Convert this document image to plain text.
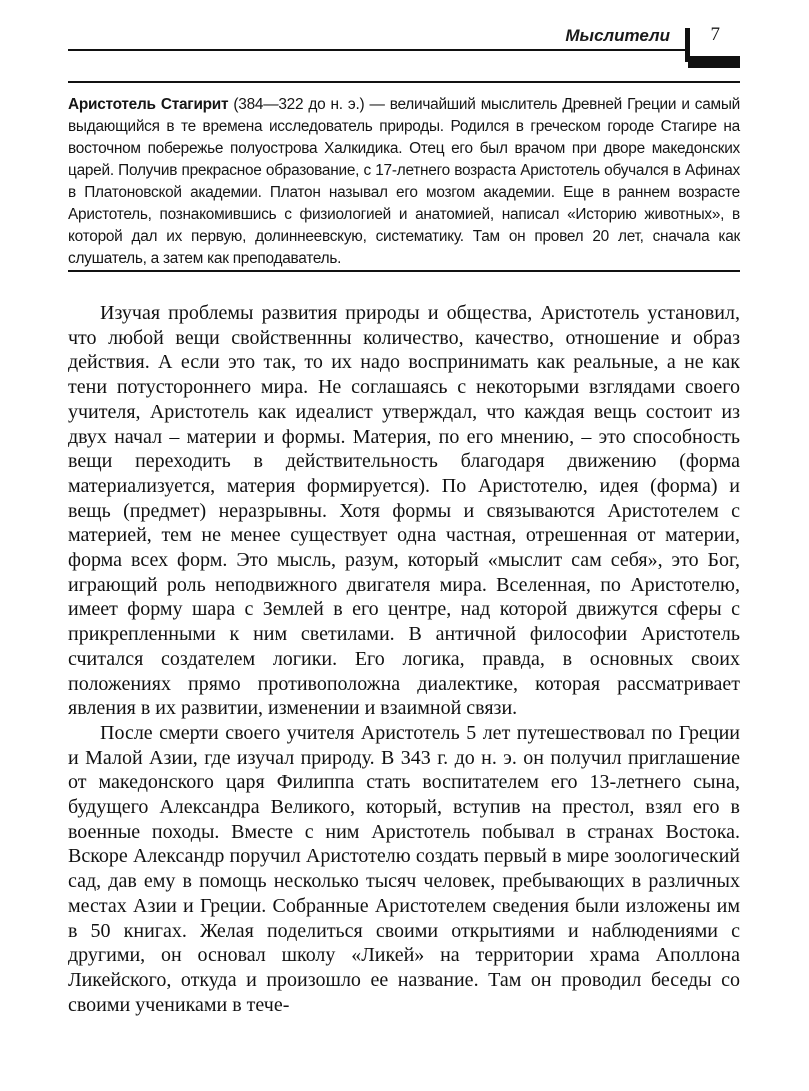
Мыслители 7
Аристотель Стагирит (384—322 до н. э.) — величайший мыслитель Древней Греции и самый выдающийся в те времена исследователь природы. Родился в греческом городе Стагире на восточном побережье полуострова Халкидика. Отец его был врачом при дворе македонских царей. Получив прекрасное образование, с 17-летнего возраста Аристотель обучался в Афинах в Платоновской академии. Платон называл его мозгом академии. Еще в раннем возрасте Аристотель, познакомившись с физиологией и анатомией, написал «Историю животных», в которой дал их первую, долиннеевскую, систематику. Там он провел 20 лет, сначала как слушатель, а затем как преподаватель.

Изучая проблемы развития природы и общества, Аристотель установил, что любой вещи свойственнны количество, качество, отношение и образ действия. А если это так, то их надо воспринимать как реальные, а не как тени потустороннего мира. Не соглашаясь с некоторыми взглядами своего учителя, Аристотель как идеалист утверждал, что каждая вещь состоит из двух начал – материи и формы. Материя, по его мнению, – это способность вещи переходить в действительность благодаря движению (форма материализуется, материя формируется). По Аристотелю, идея (форма) и вещь (предмет) неразрывны. Хотя формы и связываются Аристотелем с материей, тем не менее существует одна частная, отрешенная от материи, форма всех форм. Это мысль, разум, который «мыслит сам себя», это Бог, играющий роль неподвижного двигателя мира. Вселенная, по Аристотелю, имеет форму шара с Землей в его центре, над которой движутся сферы с прикрепленными к ним светилами. В античной философии Аристотель считался создателем логики. Его логика, правда, в основных своих положениях прямо противоположна диалектике, которая рассматривает явления в их развитии, изменении и взаимной связи.

После смерти своего учителя Аристотель 5 лет путешествовал по Греции и Малой Азии, где изучал природу. В 343 г. до н. э. он получил приглашение от македонского царя Филиппа стать воспитателем его 13-летнего сына, будущего Александра Великого, который, вступив на престол, взял его в военные походы. Вместе с ним Аристотель побывал в странах Востока. Вскоре Александр поручил Аристотелю создать первый в мире зоологический сад, дав ему в помощь несколько тысяч человек, пребывающих в различных местах Азии и Греции. Собранные Аристотелем сведения были изложены им в 50 книгах. Желая поделиться своими открытиями и наблюдениями с другими, он основал школу «Ликей» на территории храма Аполлона Ликейского, откуда и произошло ее название. Там он проводил беседы со своими учениками в тече-
